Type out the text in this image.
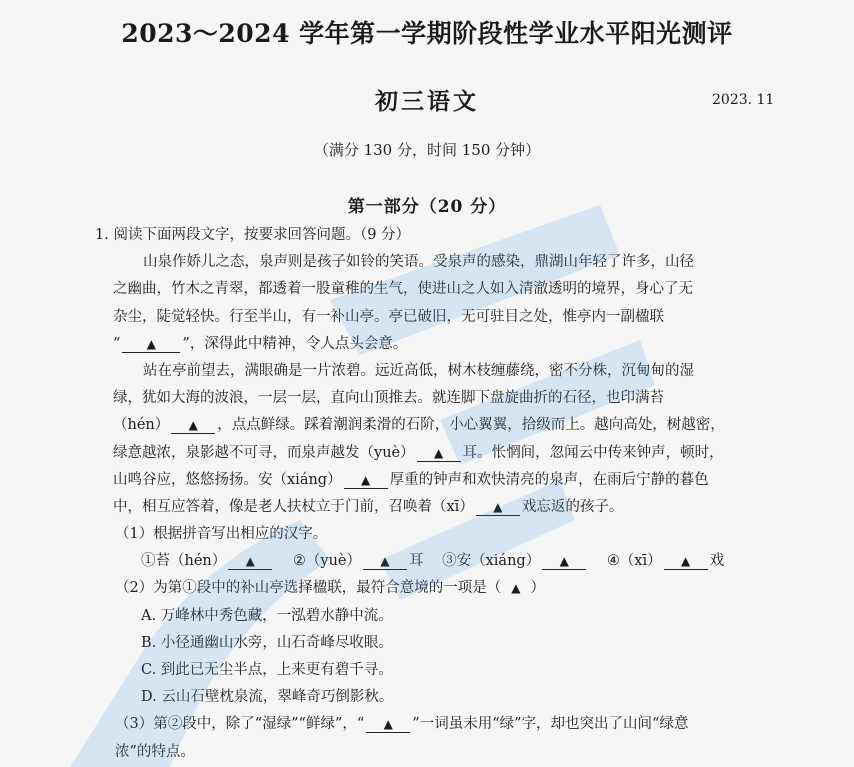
2023～2024 学年第一学期阶段性学业水平阳光测评
初三语文	2023. 11
（满分 130 分，时间 150 分钟）
第一部分（20 分）
1. 阅读下面两段文字，按要求回答问题。（9 分）
山泉作娇儿之态，泉声则是孩子如铃的笑语。受泉声的感染，鼎湖山年轻了许多，山径
之幽曲，竹木之青翠，都透着一股童稚的生气，使进山之人如入清澈透明的境界，身心了无
杂尘，陡觉轻快。行至半山，有一补山亭。亭已破旧，无可驻目之处，惟亭内一副楹联
“ ▲ ”，深得此中精神，令人点头会意。
站在亭前望去，满眼确是一片浓碧。远近高低，树木枝缠藤绕，密不分株，沉甸甸的湿
绿，犹如大海的波浪，一层一层，直向山顶推去。就连脚下盘旋曲折的石径，也印满苔
（hén） ▲ ，点点鲜绿。踩着潮润柔滑的石阶，小心翼翼，拾级而上。越向高处，树越密，
绿意越浓，泉影越不可寻，而泉声越发（yuè） ▲ 耳。怅惘间，忽闻云中传来钟声，顿时，
山鸣谷应，悠悠扬扬。安（xiáng） ▲ 厚重的钟声和欢快清亮的泉声，在雨后宁静的暮色
中，相互应答着，像是老人扶杖立于门前，召唤着（xī） ▲ 戏忘返的孩子。
（1）根据拼音写出相应的汉字。
①苔（hén） ▲	②（yuè） ▲ 耳 ③安（xiáng） ▲	④（xī） ▲ 戏
（2）为第①段中的补山亭选择楹联，最符合意境的一项是（ ▲ ）
A. 万峰林中秀色藏，一泓碧水静中流。
B. 小径通幽山水旁，山石奇峰尽收眼。
C. 到此已无尘半点，上来更有碧千寻。
D. 云山石壁枕泉流，翠峰奇巧倒影秋。
（3）第②段中，除了“湿绿”“鲜绿”，“ ▲ ”一词虽未用“绿”字，却也突出了山间“绿意
浓”的特点。
